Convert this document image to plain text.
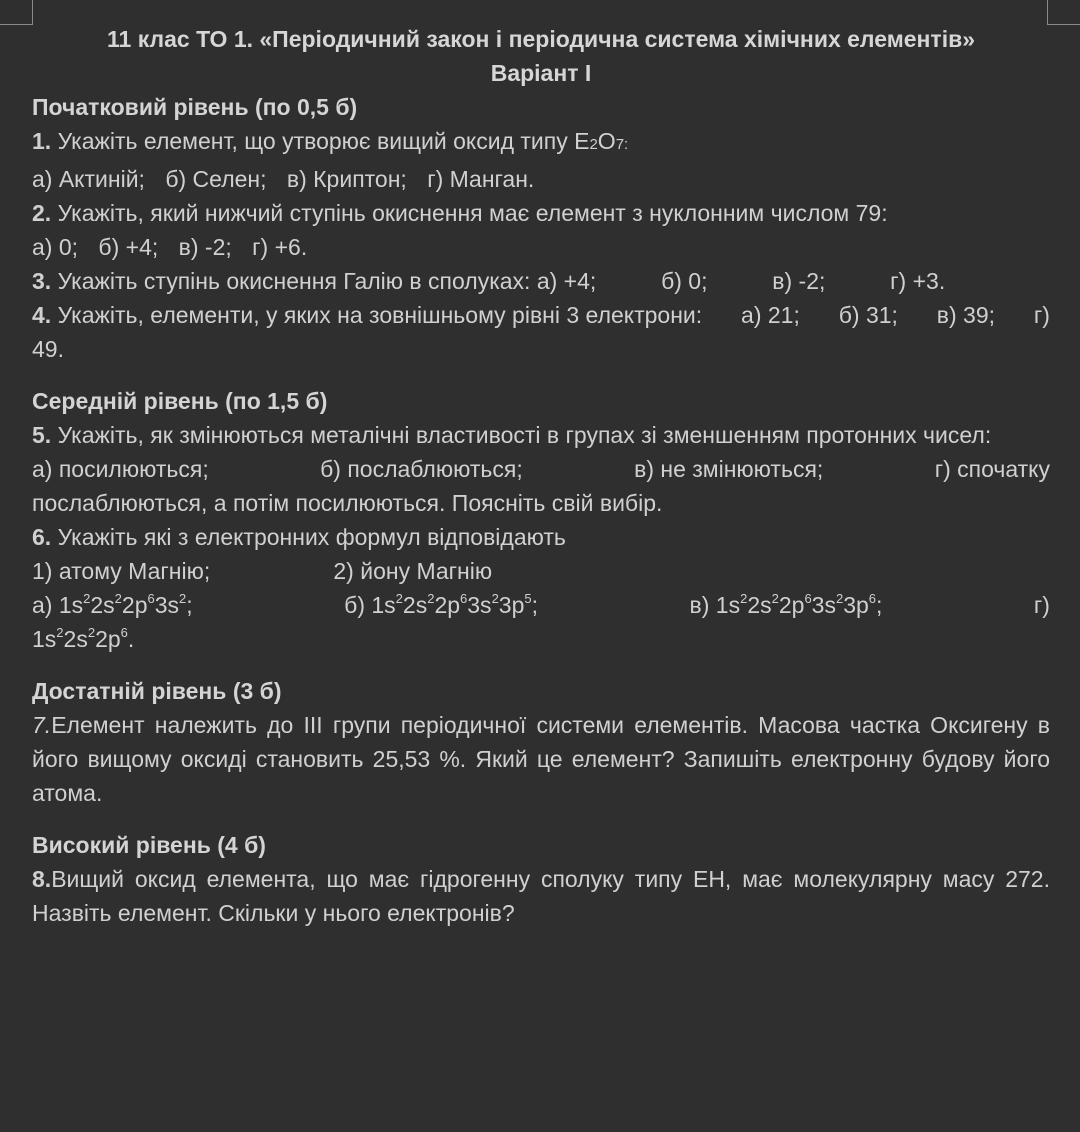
11 клас ТО 1. «Періодичний закон і періодична система хімічних елементів»
Варіант І
Початковий рівень (по 0,5 б)
1. Укажіть елемент, що утворює вищий оксид типу Е2О7:
а) Актиній; б) Селен; в) Криптон; г) Манган.
2. Укажіть, який нижчий ступінь окиснення має елемент з нуклонним числом 79:
а) 0; б) +4; в) -2; г) +6.
3. Укажіть ступінь окиснення Галію в сполуках: а) +4;	б) 0;	в) -2;	г) +3.
4. Укажіть, елементи, у яких на зовнішньому рівні 3 електрони: а) 21; б) 31; в) 39; г)
49.
Середній рівень (по 1,5 б)
5. Укажіть, як змінюються металічні властивості в групах зі зменшенням протонних чисел:
а) посилюються;	б) послаблюються;	в) не змінюються;	г) спочатку
послаблюються, а потім посилюються. Поясніть свій вибір.
6. Укажіть які з електронних формул відповідають
1) атому Магнію;	2) йону Магнію
а) $1s^22s^22p^63s^2$;	б) $1s^22s^22p^63s^23p^5$;	в) $1s^22s^22p^63s^23p^6$;	г)
$1s^22s^22p^6$.
Достатній рівень (3 б)
7.Елемент належить до III групи періодичної системи елементів. Масова частка Оксигену в його вищому оксиді становить 25,53 %. Який це елемент? Запишіть електронну будову його атома.
Високий рівень (4 б)
8.Вищий оксид елемента, що має гідрогенну сполуку типу ЕН, має молекулярну масу 272. Назвіть елемент. Скільки у нього електронів?
